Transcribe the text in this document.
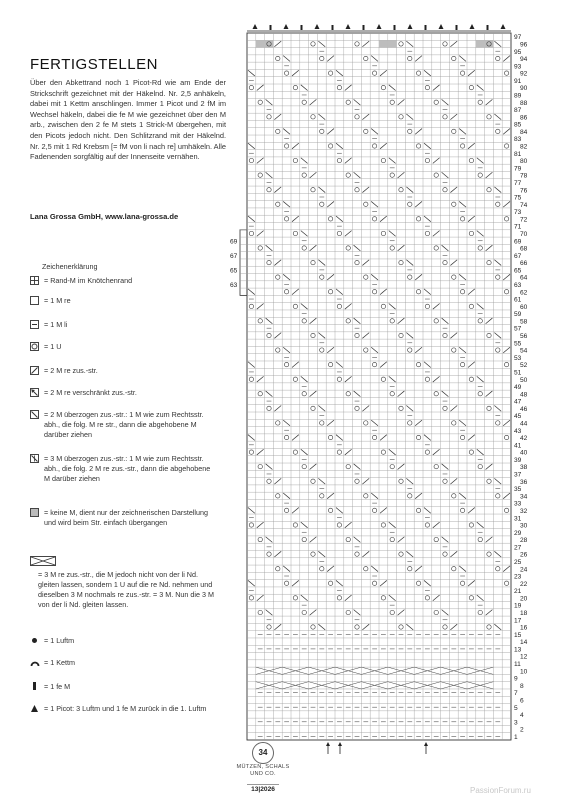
FERTIGSTELLEN
Über den Abkettrand noch 1 Picot-Rd wie am Ende der Strickschrift gezeichnet mit der Häkelnd. Nr. 2,5 anhäkeln, dabei mit 1 Kettm anschlingen. Immer 1 Picot und 2 fM im Wechsel häkeln, dabei die fe M wie gezeichnet über den M arb., zwischen den 2 fe M stets 1 Strick-M übergehen, mit den Picots jedoch nicht. Den Schlitzrand mit der Häkelnd. Nr. 2,5 mit 1 Rd Krebsm [= fM von li nach re] umhäkeln. Alle Fadenenden sorgfältig auf der Innenseite vernähen.
Lana Grossa GmbH, www.lana-grossa.de
Zeichenerklärung
= Rand-M im Knötchenrand
= 1 M re
= 1 M li
= 1 U
= 2 M re zus.-str.
= 2 M re verschränkt zus.-str.
= 2 M überzogen zus.-str.: 1 M wie zum Rechtsstr. abh., die folg. M re str., dann die abgehobene M darüber ziehen
= 3 M überzogen zus.-str.: 1 M wie zum Rechtsstr. abh., die folg. 2 M re zus.-str., dann die abgehobene M darüber ziehen
= keine M, dient nur der zeichnerischen Darstellung und wird beim Str. einfach übergangen
= 3 M re zus.-str., die M jedoch nicht von der li Nd. gleiten lassen, sondern 1 U auf die re Nd. nehmen und dieselben 3 M nochmals re zus.-str. = 3 M. Nun die 3 M von der li Nd. gleiten lassen.
= 1 Luftm
= 1 Kettm
= 1 fe M
= 1 Picot: 3 Luftm und 1 fe M zurück in die 1. Luftm
1
2
3
4
5
6
7
8
9
10
11
12
13
14
15
16
17
18
19
20
21
22
23
24
25
26
27
28
29
30
31
32
33
34
35
36
37
38
39
40
41
42
43
44
45
46
47
48
49
50
51
52
53
54
55
56
57
58
59
60
61
62
63
64
65
66
67
68
69
70
71
72
73
74
75
76
77
78
79
80
81
82
83
84
85
86
87
88
89
90
91
92
93
94
95
96
97
63
65
67
69
34
MÜTZEN, SCHALS
UND CO.
13|2026	PassionForum.ru
